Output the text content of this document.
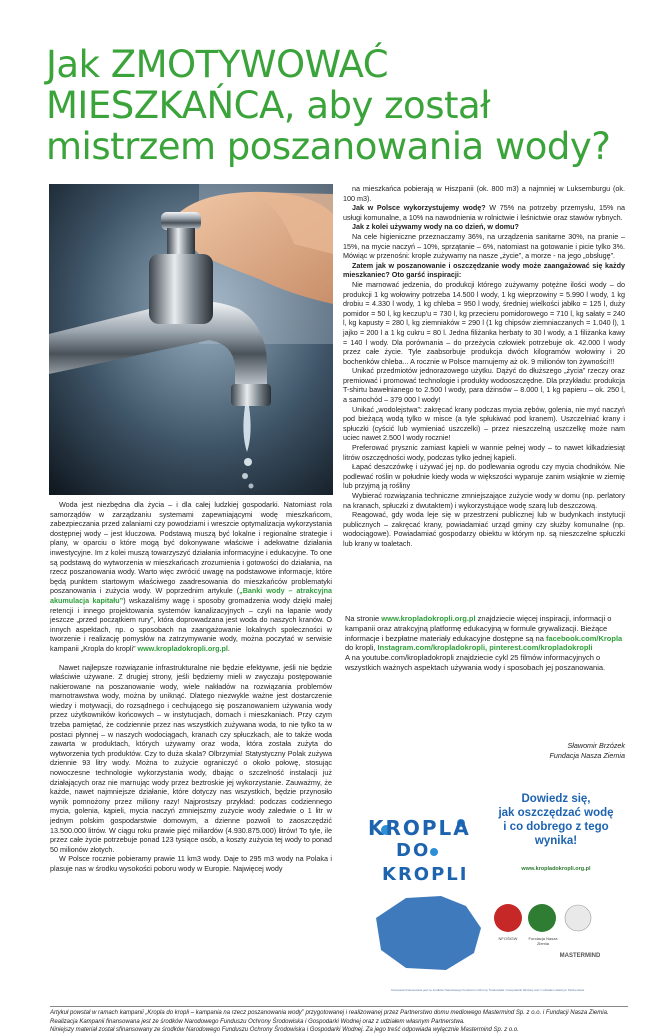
Jak ZMOTYWOWAĆ
MIESZKAŃCA, aby został
mistrzem poszanowania wody?

Woda jest niezbędna dla życia – i dla całej ludzkiej gospodarki. Natomiast rola samorządów w zarządzaniu systemami zapewniającymi wodę mieszkańcom, zabezpieczania przed zalaniami czy powodziami i wreszcie optymalizacja wykorzystania dostępnej wody – jest kluczowa. Podstawą muszą być lokalne i regionalne strategie i plany, w oparciu o które mogą być dokonywane właściwe i adekwatne działania inwestycyjne. Im z kolei muszą towarzyszyć działania informacyjne i edukacyjne. To one są podstawą do wytworzenia w mieszkańcach zrozumienia i gotowości do działania, na rzecz poszanowania wody. Warto więc zwrócić uwagę na podstawowe informacje, które będą punktem startowym właściwego zaadresowania do mieszkańców problematyki poszanowania i zużycia wody. W poprzednim artykule („Banki wody – atrakcyjna akumulacja kapitału”) wskazaliśmy wagę i sposoby gromadzenia wody dzięki małej retencji i innego projektowania systemów kanalizacyjnych – czyli na łapanie wody jeszcze „przed początkiem rury”, która doprowadzana jest woda do naszych kranów. O innych aspektach, np. o sposobach na zaangażowanie lokalnych społeczności w tworzenie i realizację pomysłów na zatrzymywanie wody, można poczytać w serwisie kampanii „Kropla do kropli” www.kropladokropli.org.pl.

Nawet najlepsze rozwiązanie infrastrukturalne nie będzie efektywne, jeśli nie będzie właściwie używane. Z drugiej strony, jeśli będziemy mieli w zwyczaju postępowanie nakierowane na poszanowanie wody, wiele nakładów na rozwiązania problemów marnotrawstwa wody, można by uniknąć. Dlatego niezwykle ważne jest dostarczenie wiedzy i motywacji, do rozsądnego i cechującego się poszanowaniem używania wody przez użytkowników końcowych – w instytucjach, domach i mieszkaniach. Przy czym trzeba pamiętać, że codziennie przez nas wszystkich zużywana woda, to nie tylko ta w postaci płynnej – w naszych wodociągach, kranach czy spłuczkach, ale to także woda zawarta w produktach, których używamy oraz woda, która została zużyta do wytworzenia tych produktów. Czy to duża skala? Olbrzymia! Statystyczny Polak zużywa dziennie 93 litry wody. Można to zużycie ograniczyć o około połowę, stosując nowoczesne technologie wykorzystania wody, dbając o szczelność instalacji już działających oraz nie marnując wody przez beztroskie jej wykorzystanie. Zauważmy, że każde, nawet najmniejsze działanie, które dotyczy nas wszystkich, będzie przynosiło wynik pomnożony przez miliony razy! Najprostszy przykład: podczas codziennego mycia, golenia, kąpieli, mycia naczyń zmniejszmy zużycie wody zaledwie o 1 litr w jednym polskim gospodarstwie domowym, a dzienne pozwoli to zaoszczędzić 13.500.000 litrów. W ciągu roku prawie pięć miliardów (4.930.875.000) litrów! To tyle, ile przez całe życie potrzebuje ponad 123 tysiące osób, a koszty zużycia tej wody to ponad 50 milionów złotych.

W Polsce rocznie pobieramy prawie 11 km3 wody. Daje to 295 m3 wody na Polaka i plasuje nas w środku wysokości poboru wody w Europie. Najwięcej wody

na mieszkańca pobierają w Hiszpanii (ok. 800 m3) a najmniej w Luksemburgu (ok. 100 m3).

Jak w Polsce wykorzystujemy wodę? W 75% na potrzeby przemysłu, 15% na usługi komunalne, a 10% na nawodnienia w rolnictwie i leśnictwie oraz stawów rybnych.

Jak z kolei używamy wody na co dzień, w domu?

Na cele higieniczne przeznaczamy 36%, na urządzenia sanitarne 30%, na pranie – 15%, na mycie naczyń – 10%, sprzątanie – 6%, natomiast na gotowanie i picie tylko 3%. Mówiąc w przenośni: krople zużywamy na nasze „życie”, a morze - na jego „obsługę”.

Zatem jak w poszanowanie i oszczędzanie wody może zaangażować się każdy mieszkaniec? Oto garść inspiracji:

Nie marnować jedzenia, do produkcji którego zużywamy potężne ilości wody – do produkcji 1 kg wołowiny potrzeba 14.500 l wody, 1 kg wieprzowiny = 5.990 l wody, 1 kg drobiu = 4.330 l wody, 1 kg chleba = 950 l wody, średniej wielkości jabłko = 125 l, duży pomidor = 50 l, kg keczup'u = 730 l, kg przecieru pomidorowego = 710 l, kg sałaty = 240 l, kg kapusty = 280 l, kg ziemniaków = 290 l (1 kg chipsów ziemniaczanych = 1.040 l), 1 jajko = 200 l a 1 kg cukru = 80 l. Jedna filiżanka herbaty to 30 l wody, a 1 filiżanka kawy = 140 l wody. Dla porównania – do przeżycia człowiek potrzebuje ok. 42.000 l wody przez całe życie. Tyle zaabsorbuje produkcja dwóch kilogramów wołowiny i 20 bochenków chleba... A rocznie w Polsce marnujemy aż ok. 9 milionów ton żywności!!!

Unikać przedmiotów jednorazowego użytku. Dążyć do dłuższego „życia” rzeczy oraz premiować i promować technologie i produkty wodooszczędne. Dla przykładu: produkcja T-shirtu bawełnianego to 2.500 l wody, para dżinsów – 8.000 l, 1 kg papieru – ok. 250 l, a samochód – 379 000 l wody!

Unikać „wodolejstwa”: zakręcać krany podczas mycia zębów, golenia, nie myć naczyń pod bieżącą wodą tylko w misce (a tyle spłukiwać pod kranem). Uszczelniać krany i spłuczki (cyścić lub wymieniać uszczelki) – przez nieszczelną uszczelkę może nam uciec nawet 2.500 l wody rocznie!

Preferować prysznic zamiast kąpieli w wannie pełnej wody – to nawet kilkadziesiąt litrów oszczędności wody, podczas tylko jednej kąpieli.

Łapać deszczówkę i używać jej np. do podlewania ogrodu czy mycia chodników. Nie podlewać roślin w południe kiedy woda w większości wyparuje zanim wsiąknie w ziemię lub przyjmą ją rośliny

Wybierać rozwiązania techniczne zmniejszające zużycie wody w domu (np. perlatory na kranach, spłuczki z dwutaktem) i wykorzystujące wodę szarą lub deszczową.

Reagować, gdy woda leje się w przestrzeni publicznej lub w budynkach instytucji publicznych – zakręcać krany, powiadamiać urząd gminy czy służby komunalne (np. wodociągowe). Powiadamiać gospodarzy obiektu w którym np. są nieszczelne spłuczki lub krany w toaletach.

Na stronie www.kropladokropli.org.pl znajdziecie więcej inspiracji, informacji o kampanii oraz atrakcyjną platformę edukacyjną w formule grywalizacji. Bieżące informacje i bezpłatne materiały edukacyjne dostępne są na facebook.com/Kropla do kropli, Instagram.com/kropladokropli, pinterest.com/kropladokropli

A na youtube.com/kropladokropli znajdziecie cykl 25 filmów informacyjnych o wszystkich ważnych aspektach używania wody i sposobach jej poszanowania.

Sławomir Brzózek
Fundacja Nasza Ziemia
KROPLA
DO
KROPLI
Dowiedz się,
jak oszczędzać wodę
i co dobrego z tego
wynika!
www.kropladokropli.org.pl
NFOŚiGW	Fundacja Nasza Ziemia
MASTERMIND
Kampania finansowana jest ze środków Narodowego Funduszu Ochrony Środowiska i Gospodarki Wodnej oraz z udziałem własnym Partnerstwa.

Artykuł powstał w ramach kampanii „Kropla do kropli – kampania na rzecz poszanowania wody” przygotowanej i realizowanej przez Partnerstwo domu mediowego Mastermind Sp. z o.o. i Fundacji Nasza Ziemia. Realizacja Kampanii finansowana jest ze środków Narodowego Funduszu Ochrony Środowiska i Gospodarki Wodnej oraz z udziałem własnym Partnerstwa.

Niniejszy materiał został sfinansowany ze środków Narodowego Funduszu Ochrony Środowiska i Gospodarki Wodnej. Za jego treść odpowiada wyłącznie Mastermind Sp. z o.o.
